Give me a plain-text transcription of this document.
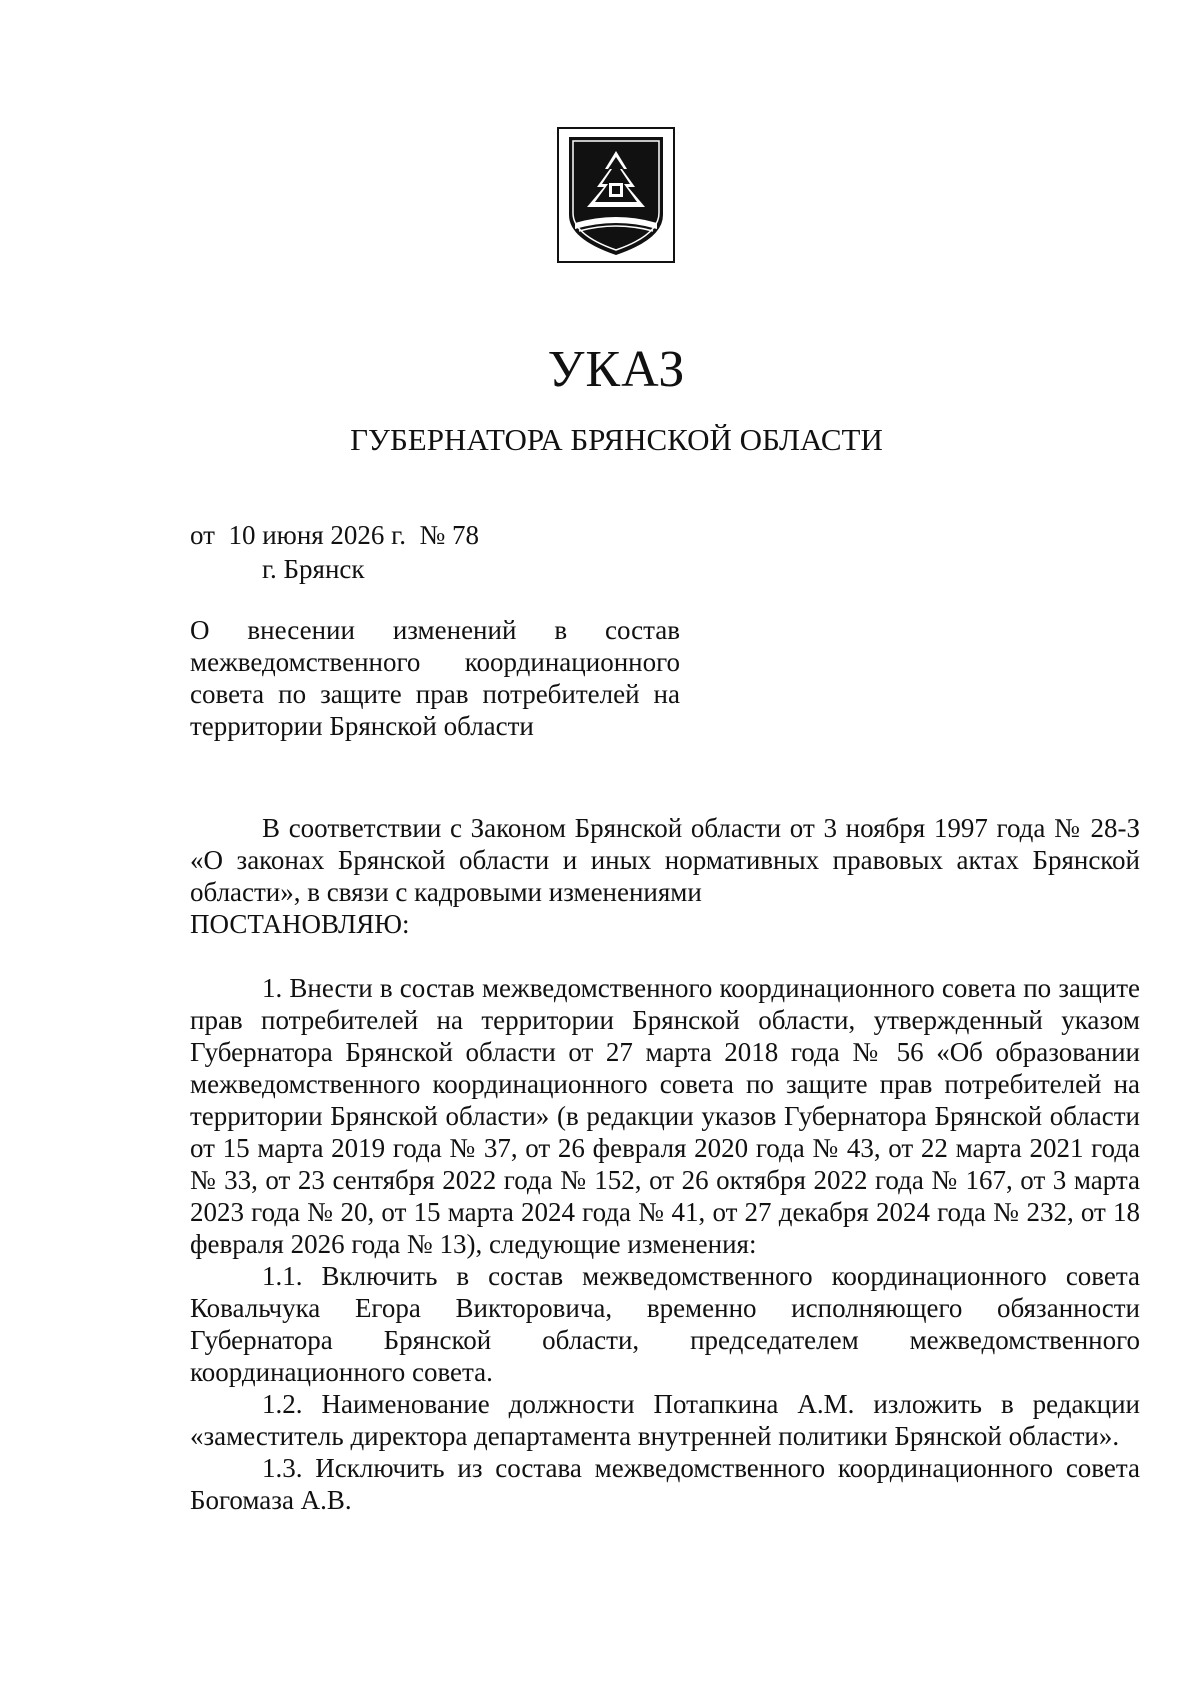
УКАЗ
ГУБЕРНАТОРА БРЯНСКОЙ ОБЛАСТИ
от  10 июня 2026 г.  № 78
г. Брянск
О внесении изменений в состав межведомственного координационного совета по защите прав потребителей на территории Брянской области

В соответствии с Законом Брянской области от 3 ноября 1997 года № 28-З «О законах Брянской области и иных нормативных правовых актах Брянской области», в связи с кадровыми изменениями

ПОСТАНОВЛЯЮ:

1. Внести в состав межведомственного координационного совета по защите прав потребителей на территории Брянской области, утвержденный указом Губернатора Брянской области от 27 марта 2018 года № 56 «Об образовании межведомственного координационного совета по защите прав потребителей на территории Брянской области» (в редакции указов Губернатора Брянской области от 15 марта 2019 года № 37, от 26 февраля 2020 года № 43, от 22 марта 2021 года № 33, от 23 сентября 2022 года № 152, от 26 октября 2022 года № 167, от 3 марта 2023 года № 20, от 15 марта 2024 года № 41, от 27 декабря 2024 года № 232, от 18 февраля 2026 года № 13), следующие изменения:

1.1. Включить в состав межведомственного координационного совета Ковальчука Егора Викторовича, временно исполняющего обязанности Губернатора Брянской области, председателем межведомственного координационного совета.

1.2. Наименование должности Потапкина А.М. изложить в редакции «заместитель директора департамента внутренней политики Брянской области».

1.3. Исключить из состава межведомственного координационного совета Богомаза А.В.
